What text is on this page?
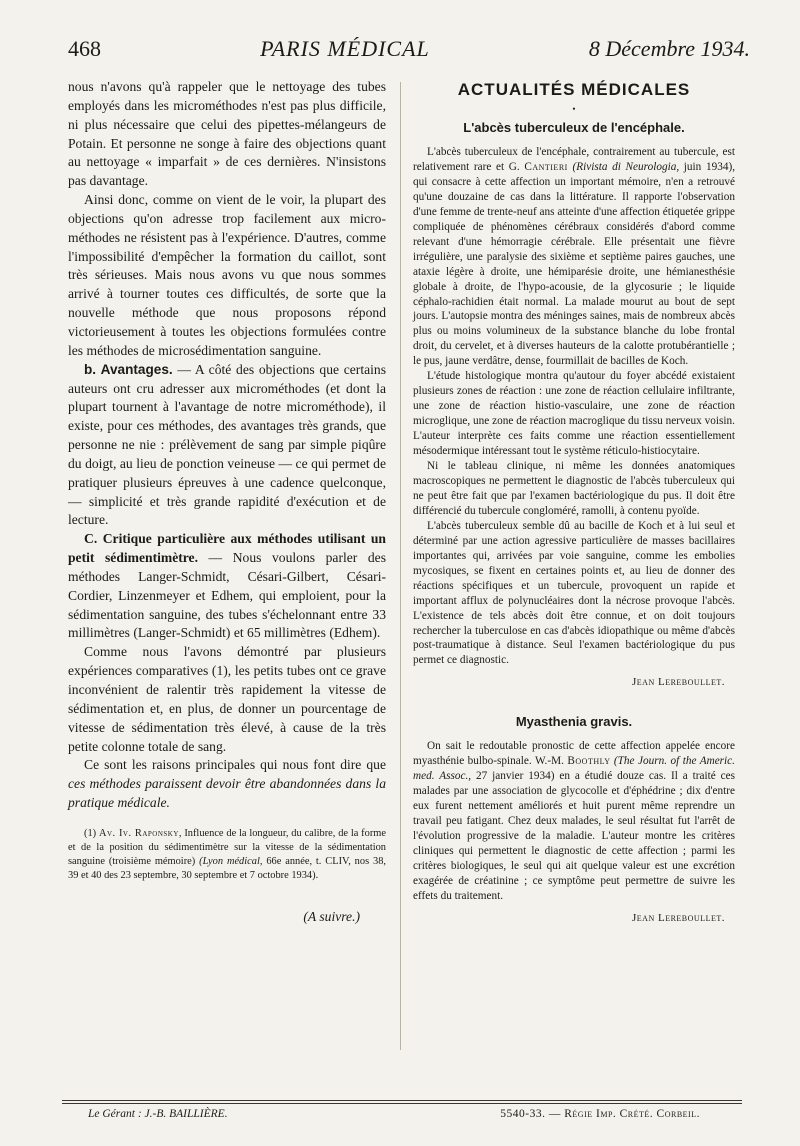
468	PARIS MÉDICAL	8 Décembre 1934.

nous n'avons qu'à rappeler que le nettoyage des tubes employés dans les microméthodes n'est pas plus difficile, ni plus nécessaire que celui des pipettes-mélangeurs de Potain. Et personne ne songe à faire des objections quant au nettoyage « imparfait » de ces dernières. N'insistons pas davantage.

Ainsi donc, comme on vient de le voir, la plupart des objections qu'on adresse trop facilement aux micro-méthodes ne résistent pas à l'expérience. D'autres, comme l'impossibilité d'empêcher la formation du caillot, sont très sérieuses. Mais nous avons vu que nous sommes arrivé à tourner toutes ces difficultés, de sorte que la nouvelle méthode que nous proposons répond victorieusement à toutes les objections formulées contre les méthodes de microsédimentation sanguine.

b. Avantages. — A côté des objections que certains auteurs ont cru adresser aux microméthodes (et dont la plupart tournent à l'avantage de notre microméthode), il existe, pour ces méthodes, des avantages très grands, que personne ne nie : prélèvement de sang par simple piqûre du doigt, au lieu de ponction veineuse — ce qui permet de pratiquer plusieurs épreuves à une cadence quelconque, — simplicité et très grande rapidité d'exécution et de lecture.

C. Critique particulière aux méthodes utilisant un petit sédimentimètre. — Nous voulons parler des méthodes Langer-Schmidt, Césari-Gilbert, Césari-Cordier, Linzenmeyer et Edhem, qui emploient, pour la sédimentation sanguine, des tubes s'échelonnant entre 33 millimètres (Langer-Schmidt) et 65 millimètres (Edhem).

Comme nous l'avons démontré par plusieurs expériences comparatives (1), les petits tubes ont ce grave inconvénient de ralentir très rapidement la vitesse de sédimentation et, en plus, de donner un pourcentage de vitesse de sédimentation très élevé, à cause de la très petite colonne totale de sang.

Ce sont les raisons principales qui nous font dire que ces méthodes paraissent devoir être abandonnées dans la pratique médicale.

(1) Av. Iv. Raponsky, Influence de la longueur, du calibre, de la forme et de la position du sédimentimètre sur la vitesse de la sédimentation sanguine (troisième mémoire) (Lyon médical, 66e année, t. CLIV, nos 38, 39 et 40 des 23 septembre, 30 septembre et 7 octobre 1934).

(A suivre.)
ACTUALITÉS MÉDICALES
•
L'abcès tuberculeux de l'encéphale.

L'abcès tuberculeux de l'encéphale, contrairement au tubercule, est relativement rare et G. Cantieri (Rivista di Neurologia, juin 1934), qui consacre à cette affection un important mémoire, n'en a retrouvé qu'une douzaine de cas dans la littérature. Il rapporte l'observation d'une femme de trente-neuf ans atteinte d'une affection étiquetée grippe compliquée de phénomènes cérébraux considérés d'abord comme relevant d'une hémorragie cérébrale. Elle présentait une fièvre irrégulière, une paralysie des sixième et septième paires gauches, une ataxie légère à droite, une hémiparésie droite, une hémianesthésie globale à droite, de l'hypo-acousie, de la glycosurie ; le liquide céphalo-rachidien était normal. La malade mourut au bout de sept jours. L'autopsie montra des méninges saines, mais de nombreux abcès plus ou moins volumineux de la substance blanche du lobe frontal droit, du cervelet, et à diverses hauteurs de la calotte protubérantielle ; le pus, jaune verdâtre, dense, fourmillait de bacilles de Koch.

L'étude histologique montra qu'autour du foyer abcédé existaient plusieurs zones de réaction : une zone de réaction cellulaire infiltrante, une zone de réaction histio-vasculaire, une zone de réaction microglique, une zone de réaction macroglique du tissu nerveux voisin. L'auteur interprète ces faits comme une réaction essentiellement mésodermique intéressant tout le système réticulo-histiocytaire.

Ni le tableau clinique, ni même les données anatomiques macroscopiques ne permettent le diagnostic de l'abcès tuberculeux qui ne peut être fait que par l'examen bactériologique du pus. Il doit être différencié du tubercule congloméré, ramolli, à contenu pyoïde.

L'abcès tuberculeux semble dû au bacille de Koch et à lui seul et déterminé par une action agressive particulière de masses bacillaires importantes qui, arrivées par voie sanguine, comme les embolies mycosiques, se fixent en certaines points et, au lieu de donner des réactions spécifiques et un tubercule, provoquent un rapide et important afflux de polynucléaires dont la nécrose provoque l'abcès. L'existence de tels abcès doit être connue, et on doit toujours rechercher la tuberculose en cas d'abcès idiopathique ou même d'abcès post-traumatique à distance. Seul l'examen bactériologique du pus permet ce diagnostic.

Jean Lereboullet.
Myasthenia gravis.

On sait le redoutable pronostic de cette affection appelée encore myasthénie bulbo-spinale. W.-M. Boothly (The Journ. of the Americ. med. Assoc., 27 janvier 1934) en a étudié douze cas. Il a traité ces malades par une association de glycocolle et d'éphédrine ; dix d'entre eux furent nettement améliorés et huit purent même reprendre un travail peu fatigant. Chez deux malades, le seul résultat fut l'arrêt de l'évolution progressive de la maladie. L'auteur montre les critères cliniques qui permettent le diagnostic de cette affection ; parmi les critères biologiques, le seul qui ait quelque valeur est une excrétion exagérée de créatinine ; ce symptôme peut permettre de suivre les effets du traitement.

Jean Lereboullet.
Le Gérant : J.-B. BAILLIÈRE.	5540-33. — Régie Imp. Crété. Corbeil.
